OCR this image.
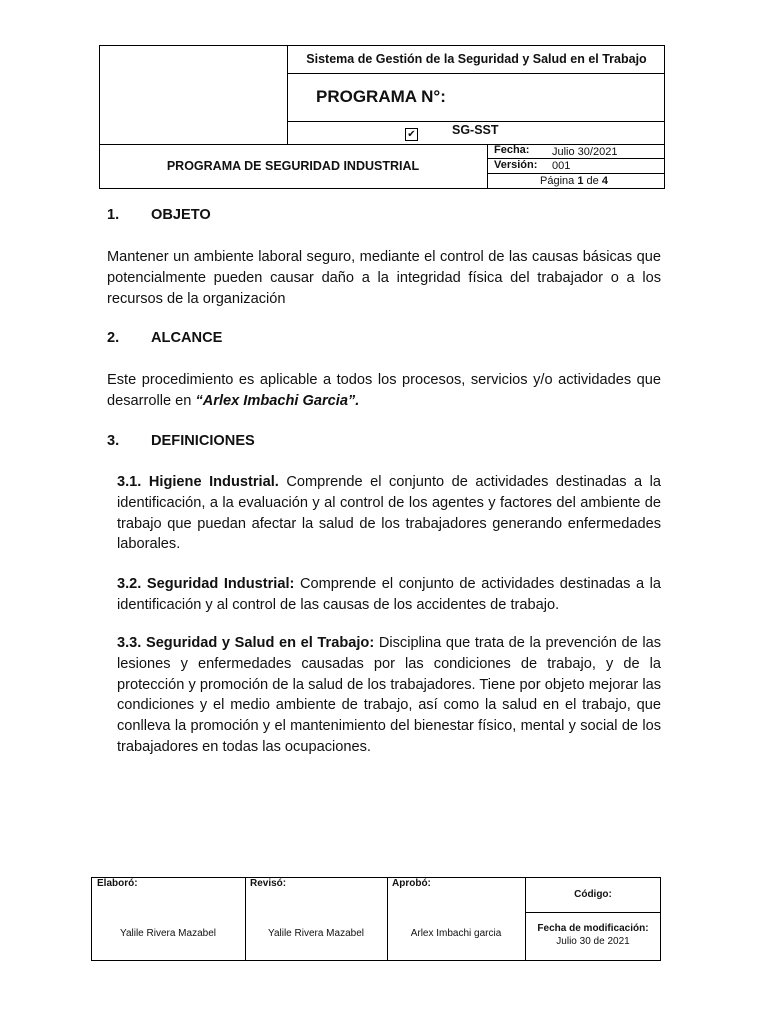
Sistema de Gestión de la Seguridad y Salud en el Trabajo
PROGRAMA N°:
✔	SG-SST
PROGRAMA DE SEGURIDAD INDUSTRIAL
Fecha: Julio 30/2021
Versión: 001
Página 1 de 4
1. OBJETO
Mantener un ambiente laboral seguro, mediante el control de las causas básicas que potencialmente pueden causar daño a la integridad física del trabajador o a los recursos de la organización
2. ALCANCE
Este procedimiento es aplicable a todos los procesos, servicios y/o actividades que desarrolle en “Arlex Imbachi Garcia”.
3. DEFINICIONES
3.1. Higiene Industrial. Comprende el conjunto de actividades destinadas a la identificación, a la evaluación y al control de los agentes y factores del ambiente de trabajo que puedan afectar la salud de los trabajadores generando enfermedades laborales.
3.2. Seguridad Industrial: Comprende el conjunto de actividades destinadas a la identificación y al control de las causas de los accidentes de trabajo.
3.3. Seguridad y Salud en el Trabajo: Disciplina que trata de la prevención de las lesiones y enfermedades causadas por las condiciones de trabajo, y de la protección y promoción de la salud de los trabajadores. Tiene por objeto mejorar las condiciones y el medio ambiente de trabajo, así como la salud en el trabajo, que conlleva la promoción y el mantenimiento del bienestar físico, mental y social de los trabajadores en todas las ocupaciones.
Elaboró:
Yalile Rivera Mazabel
Revisó:
Yalile Rivera Mazabel
Aprobó:
Arlex Imbachi garcia
Código:
Fecha de modificación:
Julio 30 de 2021
